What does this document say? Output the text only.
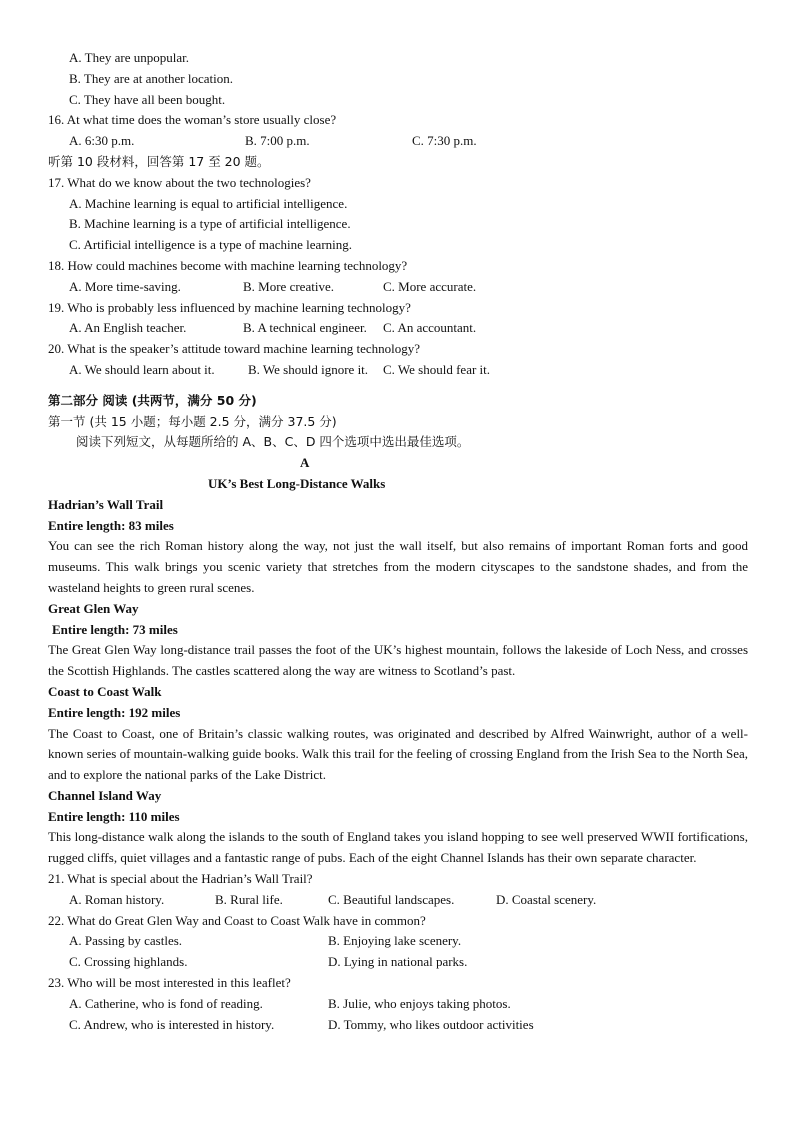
A. They are unpopular.
B. They are at another location.
C. They have all been bought.
16. At what time does the woman’s store usually close?
A. 6:30 p.m.	B. 7:00 p.m.	C. 7:30 p.m.
听第 10 段材料，回答第 17 至 20 题。
17. What do we know about the two technologies?
A. Machine learning is equal to artificial intelligence.
B. Machine learning is a type of artificial intelligence.
C. Artificial intelligence is a type of machine learning.
18. How could machines become with machine learning technology?
A. More time-saving.	B. More creative.	C. More accurate.
19. Who is probably less influenced by machine learning technology?
A. An English teacher.	B. A technical engineer. C. An accountant.
20. What is the speaker’s attitude toward machine learning technology?
A. We should learn about it.	B. We should ignore it. C. We should fear it.
第二部分 阅读 (共两节，满分 50 分)
第一节 (共 15 小题；每小题 2.5 分，满分 37.5 分)
阅读下列短文，从每题所给的 A、B、C、D 四个选项中选出最佳选项。
A
UK’s Best Long-Distance Walks
Hadrian’s Wall Trail
Entire length: 83 miles
You can see the rich Roman history along the way, not just the wall itself, but also remains of important Roman forts and good museums. This walk brings you scenic variety that stretches from the modern cityscapes to the sandstone shades, and from the wasteland heights to green rural scenes.
Great Glen Way
Entire length: 73 miles
The Great Glen Way long-distance trail passes the foot of the UK’s highest mountain, follows the lakeside of Loch Ness, and crosses the Scottish Highlands. The castles scattered along the way are witness to Scotland’s past.
Coast to Coast Walk
Entire length: 192 miles
The Coast to Coast, one of Britain’s classic walking routes, was originated and described by Alfred Wainwright, author of a well-known series of mountain-walking guide books. Walk this trail for the feeling of crossing England from the Irish Sea to the North Sea, and to explore the national parks of the Lake District.
Channel Island Way
Entire length: 110 miles
This long-distance walk along the islands to the south of England takes you island hopping to see well preserved WWII fortifications, rugged cliffs, quiet villages and a fantastic range of pubs. Each of the eight Channel Islands has their own separate character.
21. What is special about the Hadrian’s Wall Trail?
A. Roman history.	B. Rural life.	C. Beautiful landscapes.	D. Coastal scenery.
22. What do Great Glen Way and Coast to Coast Walk have in common?
A. Passing by castles.	B. Enjoying lake scenery.
C. Crossing highlands.	D. Lying in national parks.
23. Who will be most interested in this leaflet?
A. Catherine, who is fond of reading.	B. Julie, who enjoys taking photos.
C. Andrew, who is interested in history.	D. Tommy, who likes outdoor activities
